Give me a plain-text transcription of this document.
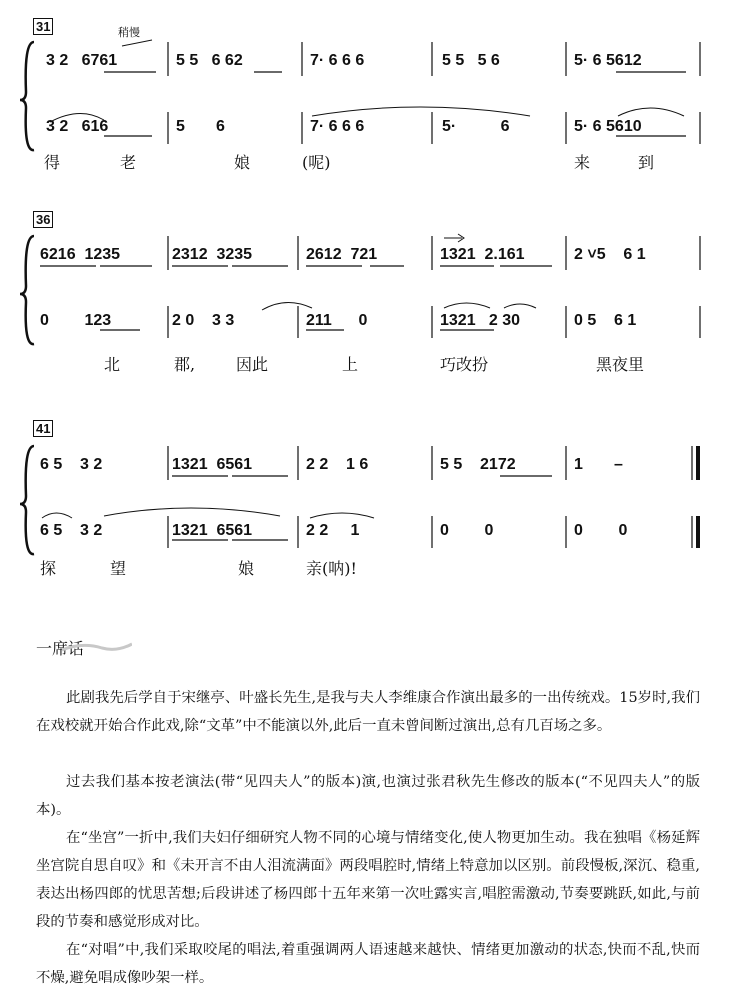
31	稍慢
3 2   6761	5 5   6 62	7· 6 6 6	5 5   5 6	5· 6 5612
3 2   616	5       6	7· 6 6 6	5·          6	5· 6 5610
得	老	娘	(呢)	来	到
36
6216  1235	2312  3235	2612  721	1321  2.161	2 ˅5    6 1
0        123	2 0    3 3	211      0	1321   2 30	0 5    6 1
北	郡,	因此	上	巧改扮	黑夜里
41
6 5    3 2	1321  6561	2 2    1 6	5 5    2172	1       –
6 5    3 2	1321  6561	2 2     1	0        0	0        0
探	望	娘	亲(呐)!
一席话
此剧我先后学自于宋继亭、叶盛长先生,是我与夫人李维康合作演出最多的一出传统戏。15岁时,我们在戏校就开始合作此戏,除“文革”中不能演以外,此后一直未曾间断过演出,总有几百场之多。
过去我们基本按老演法(带“见四夫人”的版本)演,也演过张君秋先生修改的版本(“不见四夫人”的版本)。
在“坐宫”一折中,我们夫妇仔细研究人物不同的心境与情绪变化,使人物更加生动。我在独唱《杨延辉坐宫院自思自叹》和《未开言不由人泪流满面》两段唱腔时,情绪上特意加以区别。前段慢板,深沉、稳重,表达出杨四郎的忧思苦想;后段讲述了杨四郎十五年来第一次吐露实言,唱腔需激动,节奏要跳跃,如此,与前段的节奏和感觉形成对比。
在“对唱”中,我们采取咬尾的唱法,着重强调两人语速越来越快、情绪更加激动的状态,快而不乱,快而不燥,避免唱成像吵架一样。
